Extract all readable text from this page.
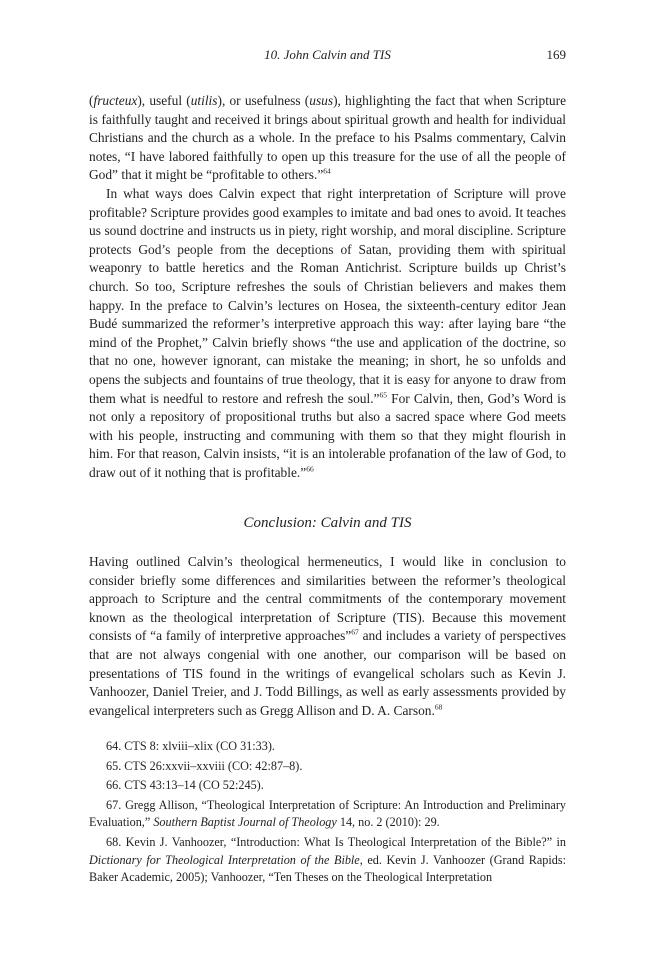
10. John Calvin and TIS	169

(fructeux), useful (utilis), or usefulness (usus), highlighting the fact that when Scripture is faithfully taught and received it brings about spiritual growth and health for individual Christians and the church as a whole. In the preface to his Psalms commentary, Calvin notes, “I have labored faithfully to open up this treasure for the use of all the people of God” that it might be “profitable to others.”$^{64}$

In what ways does Calvin expect that right interpretation of Scripture will prove profitable? Scripture provides good examples to imitate and bad ones to avoid. It teaches us sound doctrine and instructs us in piety, right worship, and moral discipline. Scripture protects God’s people from the deceptions of Satan, providing them with spiritual weaponry to battle heretics and the Roman Antichrist. Scripture builds up Christ’s church. So too, Scripture refreshes the souls of Christian believers and makes them happy. In the preface to Calvin’s lectures on Hosea, the sixteenth-century editor Jean Budé summarized the reformer’s interpretive approach this way: after laying bare “the mind of the Prophet,” Calvin briefly shows “the use and application of the doctrine, so that no one, however ignorant, can mistake the meaning; in short, he so unfolds and opens the subjects and fountains of true theology, that it is easy for anyone to draw from them what is needful to restore and refresh the soul.”$^{65}$ For Calvin, then, God’s Word is not only a repository of propositional truths but also a sacred space where God meets with his people, instructing and communing with them so that they might flourish in him. For that reason, Calvin insists, “it is an intolerable profanation of the law of God, to draw out of it nothing that is profitable.”$^{66}$

Conclusion: Calvin and TIS

Having outlined Calvin’s theological hermeneutics, I would like in conclusion to consider briefly some differences and similarities between the reformer’s theological approach to Scripture and the central commitments of the contemporary movement known as the theological interpretation of Scripture (TIS). Because this movement consists of “a family of interpretive approaches”$^{67}$ and includes a variety of perspectives that are not always congenial with one another, our comparison will be based on presentations of TIS found in the writings of evangelical scholars such as Kevin J. Vanhoozer, Daniel Treier, and J. Todd Billings, as well as early assessments provided by evangelical interpreters such as Gregg Allison and D. A. Carson.$^{68}$

64. CTS 8: xlviii–xlix (CO 31:33).
65. CTS 26:xxvii–xxviii (CO: 42:87–8).
66. CTS 43:13–14 (CO 52:245).
67. Gregg Allison, “Theological Interpretation of Scripture: An Introduction and Preliminary Evaluation,” Southern Baptist Journal of Theology 14, no. 2 (2010): 29.
68. Kevin J. Vanhoozer, “Introduction: What Is Theological Interpretation of the Bible?” in Dictionary for Theological Interpretation of the Bible, ed. Kevin J. Vanhoozer (Grand Rapids: Baker Academic, 2005); Vanhoozer, “Ten Theses on the Theological Interpretation
